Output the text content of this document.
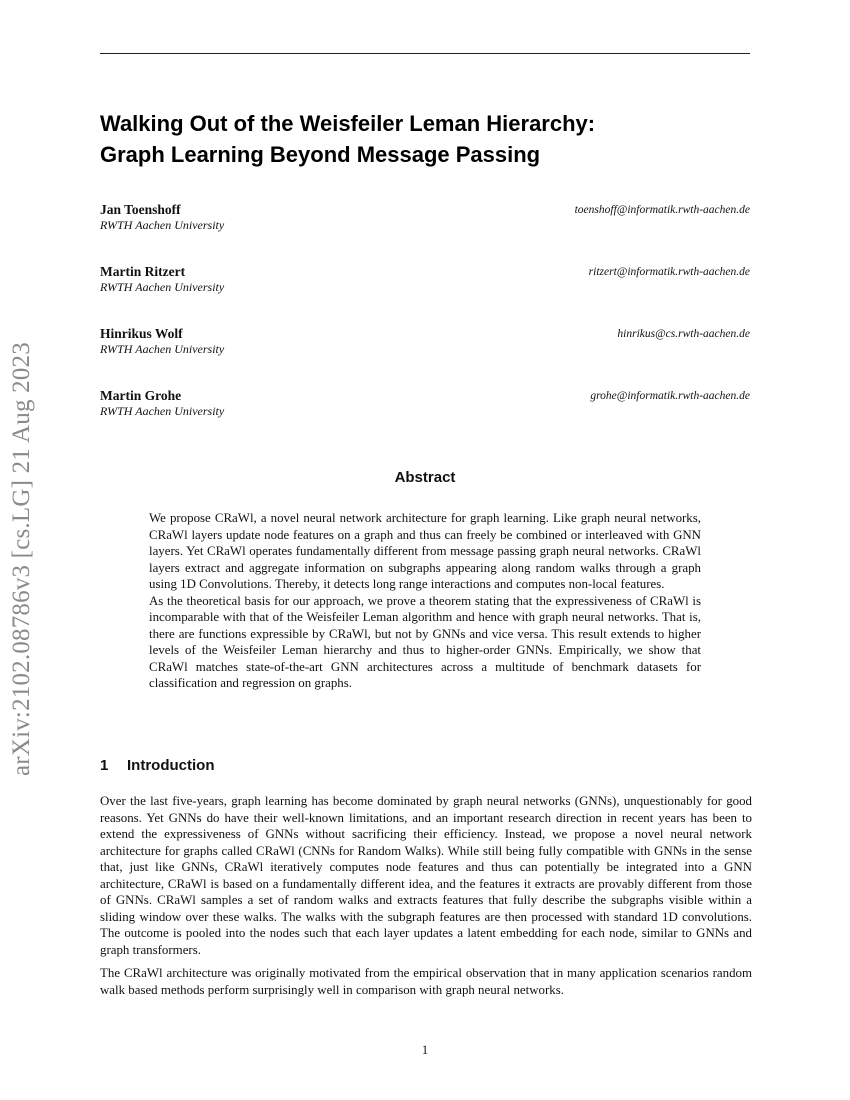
arXiv:2102.08786v3 [cs.LG] 21 Aug 2023
Walking Out of the Weisfeiler Leman Hierarchy:
Graph Learning Beyond Message Passing
Jan Toenshoff
RWTH Aachen University
toenshoff@informatik.rwth-aachen.de
Martin Ritzert
RWTH Aachen University
ritzert@informatik.rwth-aachen.de
Hinrikus Wolf
RWTH Aachen University
hinrikus@cs.rwth-aachen.de
Martin Grohe
RWTH Aachen University
grohe@informatik.rwth-aachen.de
Abstract

We propose CRaWl, a novel neural network architecture for graph learning. Like graph neural networks, CRaWl layers update node features on a graph and thus can freely be combined or interleaved with GNN layers. Yet CRaWl operates fundamentally different from message passing graph neural networks. CRaWl layers extract and aggregate information on subgraphs appearing along random walks through a graph using 1D Convolutions. Thereby, it detects long range interactions and computes non-local features.

As the theoretical basis for our approach, we prove a theorem stating that the expressiveness of CRaWl is incomparable with that of the Weisfeiler Leman algorithm and hence with graph neural networks. That is, there are functions expressible by CRaWl, but not by GNNs and vice versa. This result extends to higher levels of the Weisfeiler Leman hierarchy and thus to higher-order GNNs. Empirically, we show that CRaWl matches state-of-the-art GNN architectures across a multitude of benchmark datasets for classification and regression on graphs.

1 Introduction

Over the last five-years, graph learning has become dominated by graph neural networks (GNNs), unquestionably for good reasons. Yet GNNs do have their well-known limitations, and an important research direction in recent years has been to extend the expressiveness of GNNs without sacrificing their efficiency. Instead, we propose a novel neural network architecture for graphs called CRaWl (CNNs for Random Walks). While still being fully compatible with GNNs in the sense that, just like GNNs, CRaWl iteratively computes node features and thus can potentially be integrated into a GNN architecture, CRaWl is based on a fundamentally different idea, and the features it extracts are provably different from those of GNNs. CRaWl samples a set of random walks and extracts features that fully describe the subgraphs visible within a sliding window over these walks. The walks with the subgraph features are then processed with standard 1D convolutions. The outcome is pooled into the nodes such that each layer updates a latent embedding for each node, similar to GNNs and graph transformers.

The CRaWl architecture was originally motivated from the empirical observation that in many application scenarios random walk based methods perform surprisingly well in comparison with graph neural networks.

1
